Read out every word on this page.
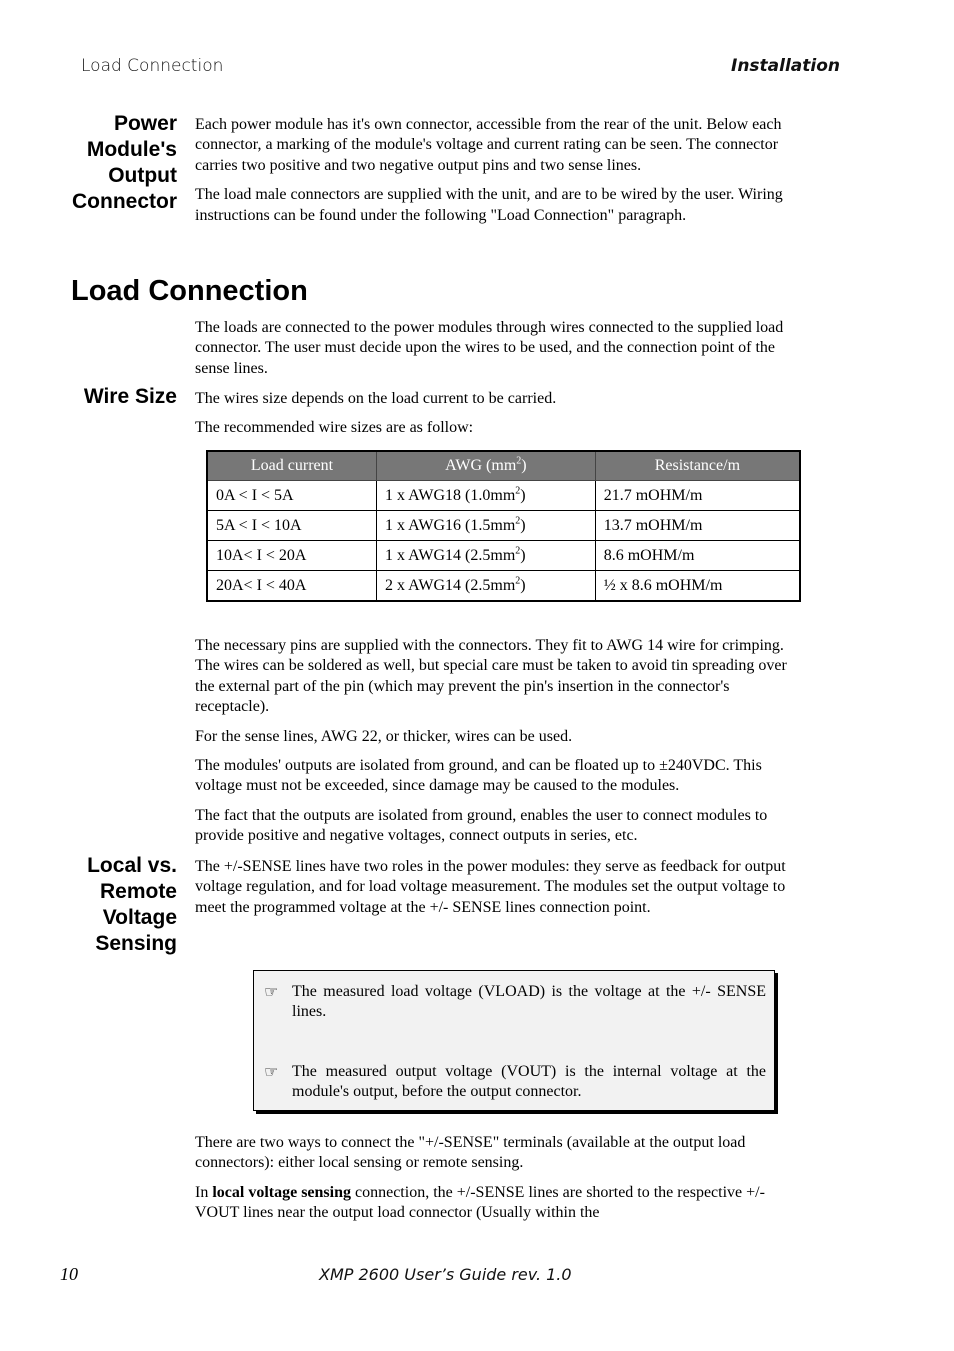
Load Connection	Installation
Power
Module's
Output
Connector

Each power module has it's own connector, accessible from the rear of the unit. Below each connector, a marking of the module's voltage and current rating can be seen. The connector carries two positive and two negative output pins and two sense lines.

The load male connectors are supplied with the unit, and are to be wired by the user. Wiring instructions can be found under the following "Load Connection" paragraph.

Load Connection

The loads are connected to the power modules through wires connected to the supplied load connector. The user must decide upon the wires to be used, and the connection point of the sense lines.

Wire Size The wires size depends on the load current to be carried.

The recommended wire sizes are as follow:

Load current	AWG $(mm^2)$	Resistance/m
0A < I < 5A	1 x AWG18 $(1.0mm^2)$	21.7 mOHM/m
5A < I < 10A	1 x AWG16 $(1.5mm^2)$	13.7 mOHM/m
10A< I < 20A	1 x AWG14 $(2.5mm^2)$	8.6 mOHM/m
20A< I < 40A	2 x AWG14 $(2.5mm^2)$	½ x 8.6 mOHM/m

The necessary pins are supplied with the connectors. They fit to AWG 14 wire for crimping. The wires can be soldered as well, but special care must be taken to avoid tin spreading over the external part of the pin (which may prevent the pin's insertion in the connector's receptacle).

For the sense lines, AWG 22, or thicker, wires can be used.

The modules' outputs are isolated from ground, and can be floated up to ±240VDC. This voltage must not be exceeded, since damage may be caused to the modules.

The fact that the outputs are isolated from ground, enables the user to connect modules to provide positive and negative voltages, connect outputs in series, etc.

Local vs.
Remote
Voltage
Sensing

The +/-SENSE lines have two roles in the power modules: they serve as feedback for output voltage regulation, and for load voltage measurement. The modules set the output voltage to meet the programmed voltage at the +/- SENSE lines connection point.

☞ The measured load voltage (VLOAD) is the voltage at the +/- SENSE lines.
☞ The measured output voltage (VOUT) is the internal voltage at the module's output, before the output connector.

There are two ways to connect the "+/-SENSE" terminals (available at the output load connectors): either local sensing or remote sensing.

In local voltage sensing connection, the +/-SENSE lines are shorted to the respective +/-VOUT lines near the output load connector (Usually within the

10	XMP 2600 User’s Guide rev. 1.0
